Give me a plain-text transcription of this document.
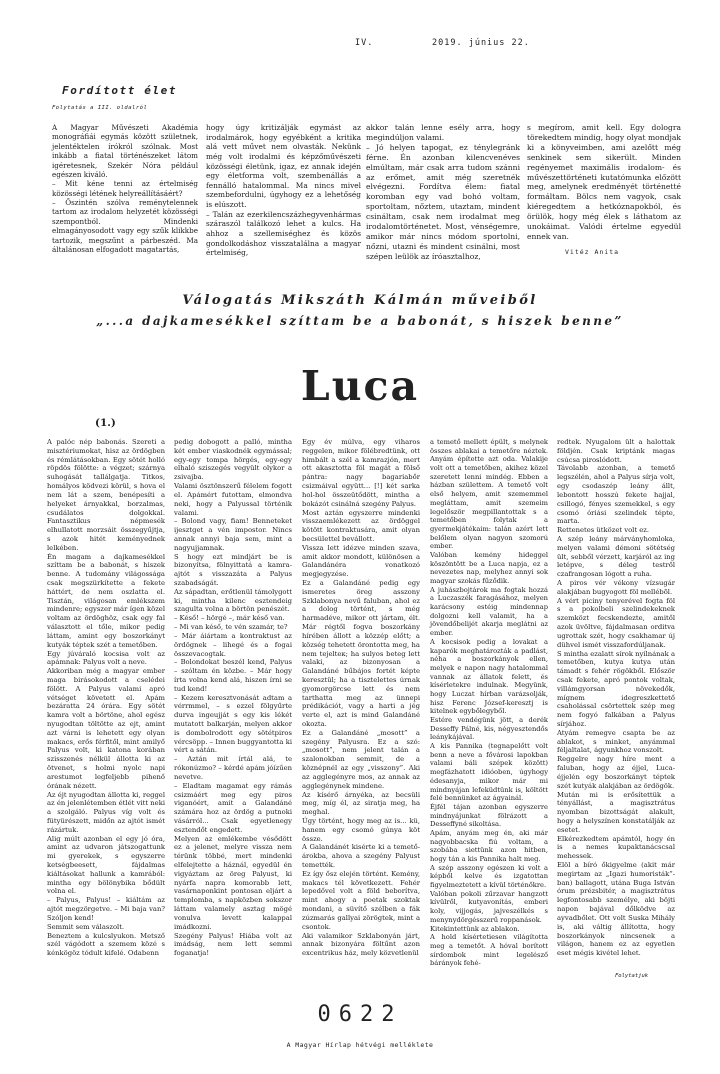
IV.	2019. június 22.
Fordított élet
Folytatás a III. oldalról

A Magyar Művészeti Akadémia monográfiái egymás között születnek, jelentéktelen írókról szólnak. Most inkább a fiatal történészeket látom igéretesnek, Szekér Nóra például egészen kiváló.
– Mit kéne tenni az értelmiség közösségi létének helyreállításáért?
– Őszintén szólva reménytelennek tartom az irodalom helyzetét közösségi szempontból. Mindenki elmagányosodott vagy egy szűk klikkbe tartozik, megszűnt a párbeszéd. Ma általánosan elfogadott magatartás,

hogy úgy kritizálják egymást az irodalmárok, hogy egyébként a kritika alá vett művet nem olvasták. Nekünk még volt irodalmi és képzőművészeti közösségi életünk, igaz, ez annak idején egy életforma volt, szembenállás a fennálló hatalommal. Ma nincs mivel szembefordulni, úgyhogy ez a lehetőség is elúszott.
– Talán az ezerkilencszázhegyvenhármas száraszól találkozó lehet a kulcs. Ha ahhoz a szellemiséghez és közös gondolkodáshoz visszatalálna a magyar értelmiség,

akkor talán lenne esély arra, hogy megindúljon valami.
– Jó helyen tapogat, ez ténylegránk férne. Én azonban kilencvenéves elmúltam, már csak arra tudom szánni az erőmet, amit még szeretnék elvégezni. Fordítva élem: fiatal koromban egy vad bohó voltam, sportoltam, nőztem, utaztam, mindent csináltam, csak nem irodalmat meg irodalomtörténetet. Most, vénségemre, amikor már nincs módom sportolni, nőzni, utazni és mindent csinálni, most szépen leülök az íróasztalhoz,

s megírom, amit kell. Egy dologra törekedtem mindig, hogy olyat mondjak ki a könyveimben, ami azelőtt még senkinek sem sikerült. Minden regényemet maximális irodalom- és művészettörténeti kutatómunka előzött meg, amelynek eredményét történetté formáltam. Bölcs nem vagyok, csak kiéregedtem a hetkóznapokból, és örülök, hogy még élek s láthatom az unokáimat. Valódi értelme egyedül ennek van.

Vitéz Anita
Válogatás Mikszáth Kálmán műveiből
„...a dajkamesékkel szíttam be a babonát, s hiszek benne”
Luca
(1.)

A palóc nép babonás. Szereti a misztériumokat, hisz az ördögben és rémlátásokban. Egy sötét holló röpdös fölötte: a végzet; szárnya suhogását tallálgatja. Titkos, homályos ködvezi körül, s hova el nem lát a szem, benépesíti a helyeket árnyakkal, borzalmas, csudálatos dolgokkal. Fantasztikus népmesék elhullatott morzsáit összegyűjtja, s azok hitét keményednek lelkében.
Én magam a dajkamesékkel szíttam be a babonát, s hiszek benne. A tudomány világossága csak megszürkítette a fekete háttért, de nem oszlatta el. Tisztán, világosan emlékszem mindenre; egyszer már ígen közel voltam az ördöghöz, csak egy fal választott el tőle, mikor pedig láttam, amint egy boszorkányt kutyák téptek szét a temetőben.
Egy júváraló kocsisa volt az apámnak: Palyus volt a neve.
Akkoriban még a magyar ember maga birásokodott a cselédei fölött. A Palyus valami apró vétséget követett el. Apám bezáratta 24 órára. Egy sötét kamra volt a börtöne, ahol egész nyugodtan töltötte az ejt, amint azt várni is lehetett egy olyan makacs, erős férfitől, mint amilyő Palyus volt, ki katona korában szisszenés nélkül állotta ki az ötvenet, s holmi nyolc napi arestumot legfeljebb pihenő órának nézett.
Az éjt nyugodtan állotta ki, reggel az én jelenlétemben étlét vitt neki a szolgáló. Palyus víg volt és fütyürészett, midőn az ajtót ismét rázártuk.
Alig múlt azonban el egy jó óra, amint az udvaron játszogattunk mi gyerekek, s egyszerre ketségbeesett, fájdalmas kiáltásokat hallunk a kamrából: mintha egy bölönybika bődült volna el.
– Palyus, Palyus! – kiáltám az ajtót megzörgetve. – Mi baja van? Szóljon kend!
Semmit sem válaszolt.
Beneztem a kulcslyukon. Metsző szél vágódott a szemem közé s kénkögöz tódult kifelé. Odabenn

pedig dobogott a palló, mintha két ember viaskodnék egymással; egy-egy tompa hörgés, egy-egy elhaló sziszegés vegyült olykor a zsivajba.
Valami ösztönszerű félelem fogott el. Apámért futottam, elmondva neki, hogy a Palyussal történik valami.
– Bolond vagy, fiam! Benneteket ijesztget a vén impostor. Nincs annak annyi baja sem, mint a nagyujjamnak.
S hogy ezt mindjárt be is bizonyítsa, fölnyittatá a kamra-ajtót s visszazáta a Palyus szabadságát.
Az sápadtan, erőtlenül támolygott ki, mintha kilenc esztendeig szagulta volna a börtön penészét.
– Késő! – hörgé –, már késő van.
– Mi van késő, te vén szamár, te?
– Már áiártam a kontraktust az ördögnek – lihegé és a fogai összevacogtak.
– Bolondokat beszél kend, Palyus – szóltam én közbe. – Már hogy írta volna kend alá, hiszen írni se tud kend!
– Kezem keresztvonását adtam a vérrmmel, – s ezzel fölgyűrte durva ingeujját s egy kis lékét mutatott balkarján, melyen akkor is dombolrodott egy sötétpiros vércsöpp. – Innen buggyantotta ki vért a sátán.
– Aztán mit írtál alá, te rókonúzmo? – kérdé apám jóízűen nevetve.
– Eladtam magamat egy rámás csizmáért meg egy piros viganóért, amit a Galandáné számára hoz az ördög a putnoki vásárról... Csak egyetlenegy esztendőt engedett.
Melyen az emlékembe vésődött ez a jelenet, melyre vissza nem térünk többé, mert mindenki elfelejtette a háznál, egyedül én vigyáztam az öreg Palyust, ki nyárfa napra komorabb lett, vasárnaponkint pontosan eljárt a templomba, s napközben sokszor láttam valamely asztag mögé vonulva levett kalappal imádkozni.
Szegény Palyus! Hiába volt az imádság, nem lett semmi foganatja!

Egy év múlva, egy viharos reggelen, mikor fölébredtünk, ott himbált a szél a kamrazjón, mert ott akasztotta föl magát a fölső pántra: nagy bagariabőr csizmáival együtt... [!] két sarka hol-hol összeütődött, mintha a bokázót csinálná szegény Palyus.
Most aztán egyszerre mindenki visszaemlékezett az ördöggel kötött kontraktusára, amit olyan becsülettel bevállott.
Vissza lett idézve minden szava, amit akkor mondott, különösen a Galandánéra vonatkozó megjegyzése.
Ez a Galandáné pedig egy ismeretes öreg asszony Szklabonya nevű faluban, ahol ez a dolog történt, s még harmadéve, mikor ott jártam, élt. Már régtől fogva boszorkány hírében állott a közzép előtt; a község tehetett örontotta meg, ha nem tejelteк; ha sulyos beteg lett valaki, az bizonyosan a Galandáné bűbájos fortét képte keresztül; ha a tisztelettes úrnak gyomorgörcse lett és nem tarthatta meg az ünnepi prédikációt, vagy a harti a jég verte el, azt is mind Galandáné okozta.
Ez a Galandáné „mosott” a szegény Palyusra. Ez a szó: „mosott”, nem jelent talán a szalonokban semmit, de a köznépnél az egy „visszony”. Aki az agglegényre mos, az annak az agglegénynek mindenе.
Az kísérő árnyéka, az becsüli meg, míg él, az siratja meg, ha meghal.
Úgy történt, hogy meg az is... kü, hanem egy csomó gúnya köt össze.
A Galandánét kisérte ki a temető-árokba, ahova a szegény Palyust temették.
Ez így ősz elején történt. Kemény, makacs tél következett. Fehér lepedővel volt a föld beborítva, mint ahogy a poetak szoktak mondani, a süvítő szélben a fák zúzmarás gallyai zörögtek, mint a csontok.
Aki valamikor Szklabonyán járt, annak bizonyára föltűnt azon excentrikus ház, mely közvetlenül

a temető mellett épült, s melynek összes ablakai a temetőre néztek. Anyám építette azt oda. Valakije volt ott a temetőben, akihez közel szeretett lenni mindég. Ebben a házban születtem. A temető volt első helyem, amit szememmel megláttam, amit szemeim legelőször megpillantottak s a temetőben folytak a gyermekjátékaim: talán azért lett belőlem olyan nagyon szomorú ember.
Valóban kemény hideggel köszöntött be a Luca napja, ez a nevezetes nap, melyhez annyi sok magyar szokás fűződik.
A juhászbojtárok ma fogtak hozzá a Luczaszék faragásához, melyen karácsony estéig mindennap dolgozni kell valamit, ha a jövendőbelijét akarja meglátni az ember.
A kocsisok pedig a lovakat a kaparók meghatározták a padlást, néha a boszorkányok ellen, melyek e napon nagy hatalommal vannak az állatok felett, és kísérletekre indulnak. Megyünk, hogy Luczat hírban varázsolják, hisz Ferenc József-keresztj is kitelnek egybőlegyből.
Estére vendégünk jött, a derék Desseffy Pálné, kis, négyesztendős leánykájával.
A kis Pannika (tegnapelőtt volt benn a neve a fővárosi lapokban valami báli szépek között) megfázhatott idióoben, úgyhogy édesanyja, mikor már mi mindnyájan lefeküdtünk is, költött felé bennünket az ágyainál.
Éjfél tájan azonban egyszerre mindnyájunkat fölrázott a Desseffyné sikoltása.
Apám, anyám meg én, aki már nagyobbacska fiú voltam, a szobába siettünk azon hitben, hogy tán a kis Pannika halt meg.
A szép asszony egészen ki volt a képből kelve és izgatottan figyelmeztetett a kívül történőkre.
Valóban pokoli zűrzavar hangzott kívülről, kutyavonítás, emberi koly, vijjogás, jajveszélkés s menynydörgésszerű roppanások.
Kitekintettünk az ablakon.
A hold kísértetiesen világította meg a temetőt. A hóval borított sírdombok mint legelésző bárányok fehé-

redtek. Nyugalom ült a halottak földjén. Csak kriptánk magas csúcsa piroslódott.
Távolabb azonban, a temető legszélén, ahol a Palyus sírja volt, egy csodaszép leány állt, lebontott hosszú fekete hajjal, csillogó, fényes szemekkel, s egy csomó óriási szelindek tépte, marta.
Rettenetes ütközet volt ez.
A szép leány márványhomloka, melyen valami démoni sötétség ült, sebből vérzett, karjáról az ing letépve, s déleg testről czafrangosan lógott a ruha.
A piros vér vékony vízsugár alakjában bugyogott föl mellébõl.
A vért piciny tenyerével fogta föl s a pokolbeli szelindekeknek szemközt fecskendezte, amitől azok üvöltve, fájdalmasan orditva ugrottak szét, hogy csakhamar új dühvel ismét visszafordúljanak.
S mintha ezalatt sírok nyílnának a temetőben, kutya kutya után támadt s fehér rögökből. Először csak fekete, apró pontok voltak, villámgyorsan növekedők, mígnem idegreszkettető csaholással csörtettek szép meg nem fogyó falkában a Palyus sírjához.
Atyám remegve csapta be az ablakot, s minket, anyámmal féljaltalat, ágyunkhoz vonszolt.
Reggelre nagy híre ment a faluban, hogy az éjjel, Luca-éjjelén egy boszorkányt téptek szét kutyák alakjában az ördögök.
Mután mi is erősítettük a tényállást, a magisztrátus nyomban bizottságát alakult, hogy a helyszínen konstatálják az esetet.
Elkérezkedtem apámtól, hogy én is a nemes kupaktanácscsal mehessek.
Elöl a bíró őkigyelme (akit már megirtam az „Igazi humoristák”-ban) ballagott, utána Buga István órum prézsbitér, a magisztrátus legfontosabb személye, aki böjti napon bajával dőlködve az ayvadbőlet. Ott volt Suska Mihály is, aki váltig állította, hogy boszorkányok ninсsenek a világon, hanem ez az egyetlen eset mégis kivétel lehet.

Folytatjuk
0622
A Magyar Hírlap hétvégi melléklete
